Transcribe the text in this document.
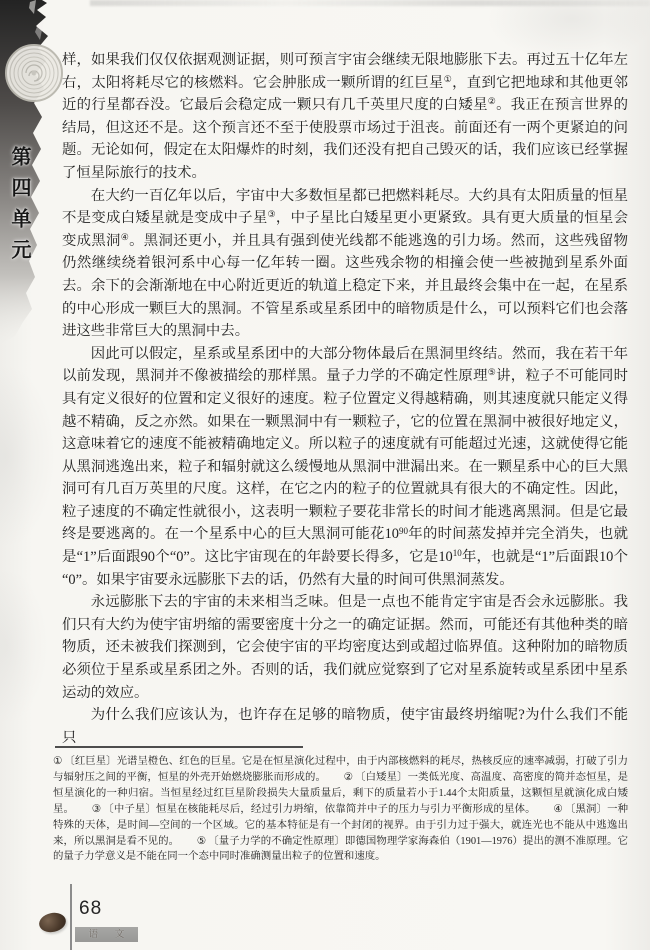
第四单元

样，如果我们仅仅依据观测证据，则可预言宇宙会继续无限地膨胀下去。再过五十亿年左右，太阳将耗尽它的核燃料。它会肿胀成一颗所谓的红巨星①，直到它把地球和其他更邻近的行星都吞没。它最后会稳定成一颗只有几千英里尺度的白矮星②。我正在预言世界的结局，但这还不是。这个预言还不至于使股票市场过于沮丧。前面还有一两个更紧迫的问题。无论如何，假定在太阳爆炸的时刻，我们还没有把自己毁灭的话，我们应该已经掌握了恒星际旅行的技术。

在大约一百亿年以后，宇宙中大多数恒星都已把燃料耗尽。大约具有太阳质量的恒星不是变成白矮星就是变成中子星③，中子星比白矮星更小更紧致。具有更大质量的恒星会变成黑洞④。黑洞还更小，并且具有强到使光线都不能逃逸的引力场。然而，这些残留物仍然继续绕着银河系中心每一亿年转一圈。这些残余物的相撞会使一些被抛到星系外面去。余下的会渐渐地在中心附近更近的轨道上稳定下来，并且最终会集中在一起，在星系的中心形成一颗巨大的黑洞。不管星系或星系团中的暗物质是什么，可以预料它们也会落进这些非常巨大的黑洞中去。

因此可以假定，星系或星系团中的大部分物体最后在黑洞里终结。然而，我在若干年以前发现，黑洞并不像被描绘的那样黑。量子力学的不确定性原理⑤讲，粒子不可能同时具有定义很好的位置和定义很好的速度。粒子位置定义得越精确，则其速度就只能定义得越不精确，反之亦然。如果在一颗黑洞中有一颗粒子，它的位置在黑洞中被很好地定义，这意味着它的速度不能被精确地定义。所以粒子的速度就有可能超过光速，这就使得它能从黑洞逃逸出来，粒子和辐射就这么缓慢地从黑洞中泄漏出来。在一颗星系中心的巨大黑洞可有几百万英里的尺度。这样，在它之内的粒子的位置就具有很大的不确定性。因此，粒子速度的不确定性就很小，这表明一颗粒子要花非常长的时间才能逃离黑洞。但是它最终是要逃离的。在一个星系中心的巨大黑洞可能花$10^{90}$年的时间蒸发掉并完全消失，也就是“1”后面跟90个“0”。这比宇宙现在的年龄要长得多，它是$10^{10}$年，也就是“1”后面跟10个“0”。如果宇宙要永远膨胀下去的话，仍然有大量的时间可供黑洞蒸发。

永远膨胀下去的宇宙的未来相当乏味。但是一点也不能肯定宇宙是否会永远膨胀。我们只有大约为使宇宙坍缩的需要密度十分之一的确定证据。然而，可能还有其他种类的暗物质，还未被我们探测到，它会使宇宙的平均密度达到或超过临界值。这种附加的暗物质必须位于星系或星系团之外。否则的话，我们就应觉察到了它对星系旋转或星系团中星系运动的效应。

为什么我们应该认为，也许存在足够的暗物质，使宇宙最终坍缩呢?为什么我们不能只

① 〔红巨星〕光谱呈橙色、红色的巨星。它是在恒星演化过程中，由于内部核燃料的耗尽，热核反应的速率减弱，打破了引力与辐射压之间的平衡，恒星的外壳开始燃烧膨胀而形成的。 ② 〔白矮星〕一类低光度、高温度、高密度的简并态恒星，是恒星演化的一种归宿。当恒星经过红巨星阶段损失大量质量后，剩下的质量若小于1.44个太阳质量，这颗恒星就演化成白矮星。 ③ 〔中子星〕恒星在核能耗尽后，经过引力坍缩，依靠简并中子的压力与引力平衡形成的星体。 ④ 〔黑洞〕一种特殊的天体，是时间—空间的一个区域。它的基本特征是有一个封闭的视界。由于引力过于强大，就连光也不能从中逃逸出来，所以黑洞是看不见的。 ⑤ 〔量子力学的不确定性原理〕即德国物理学家海森伯（1901—1976）提出的测不准原理。它的量子力学意义是不能在同一个态中同时准确测量出粒子的位置和速度。
68
语 文
